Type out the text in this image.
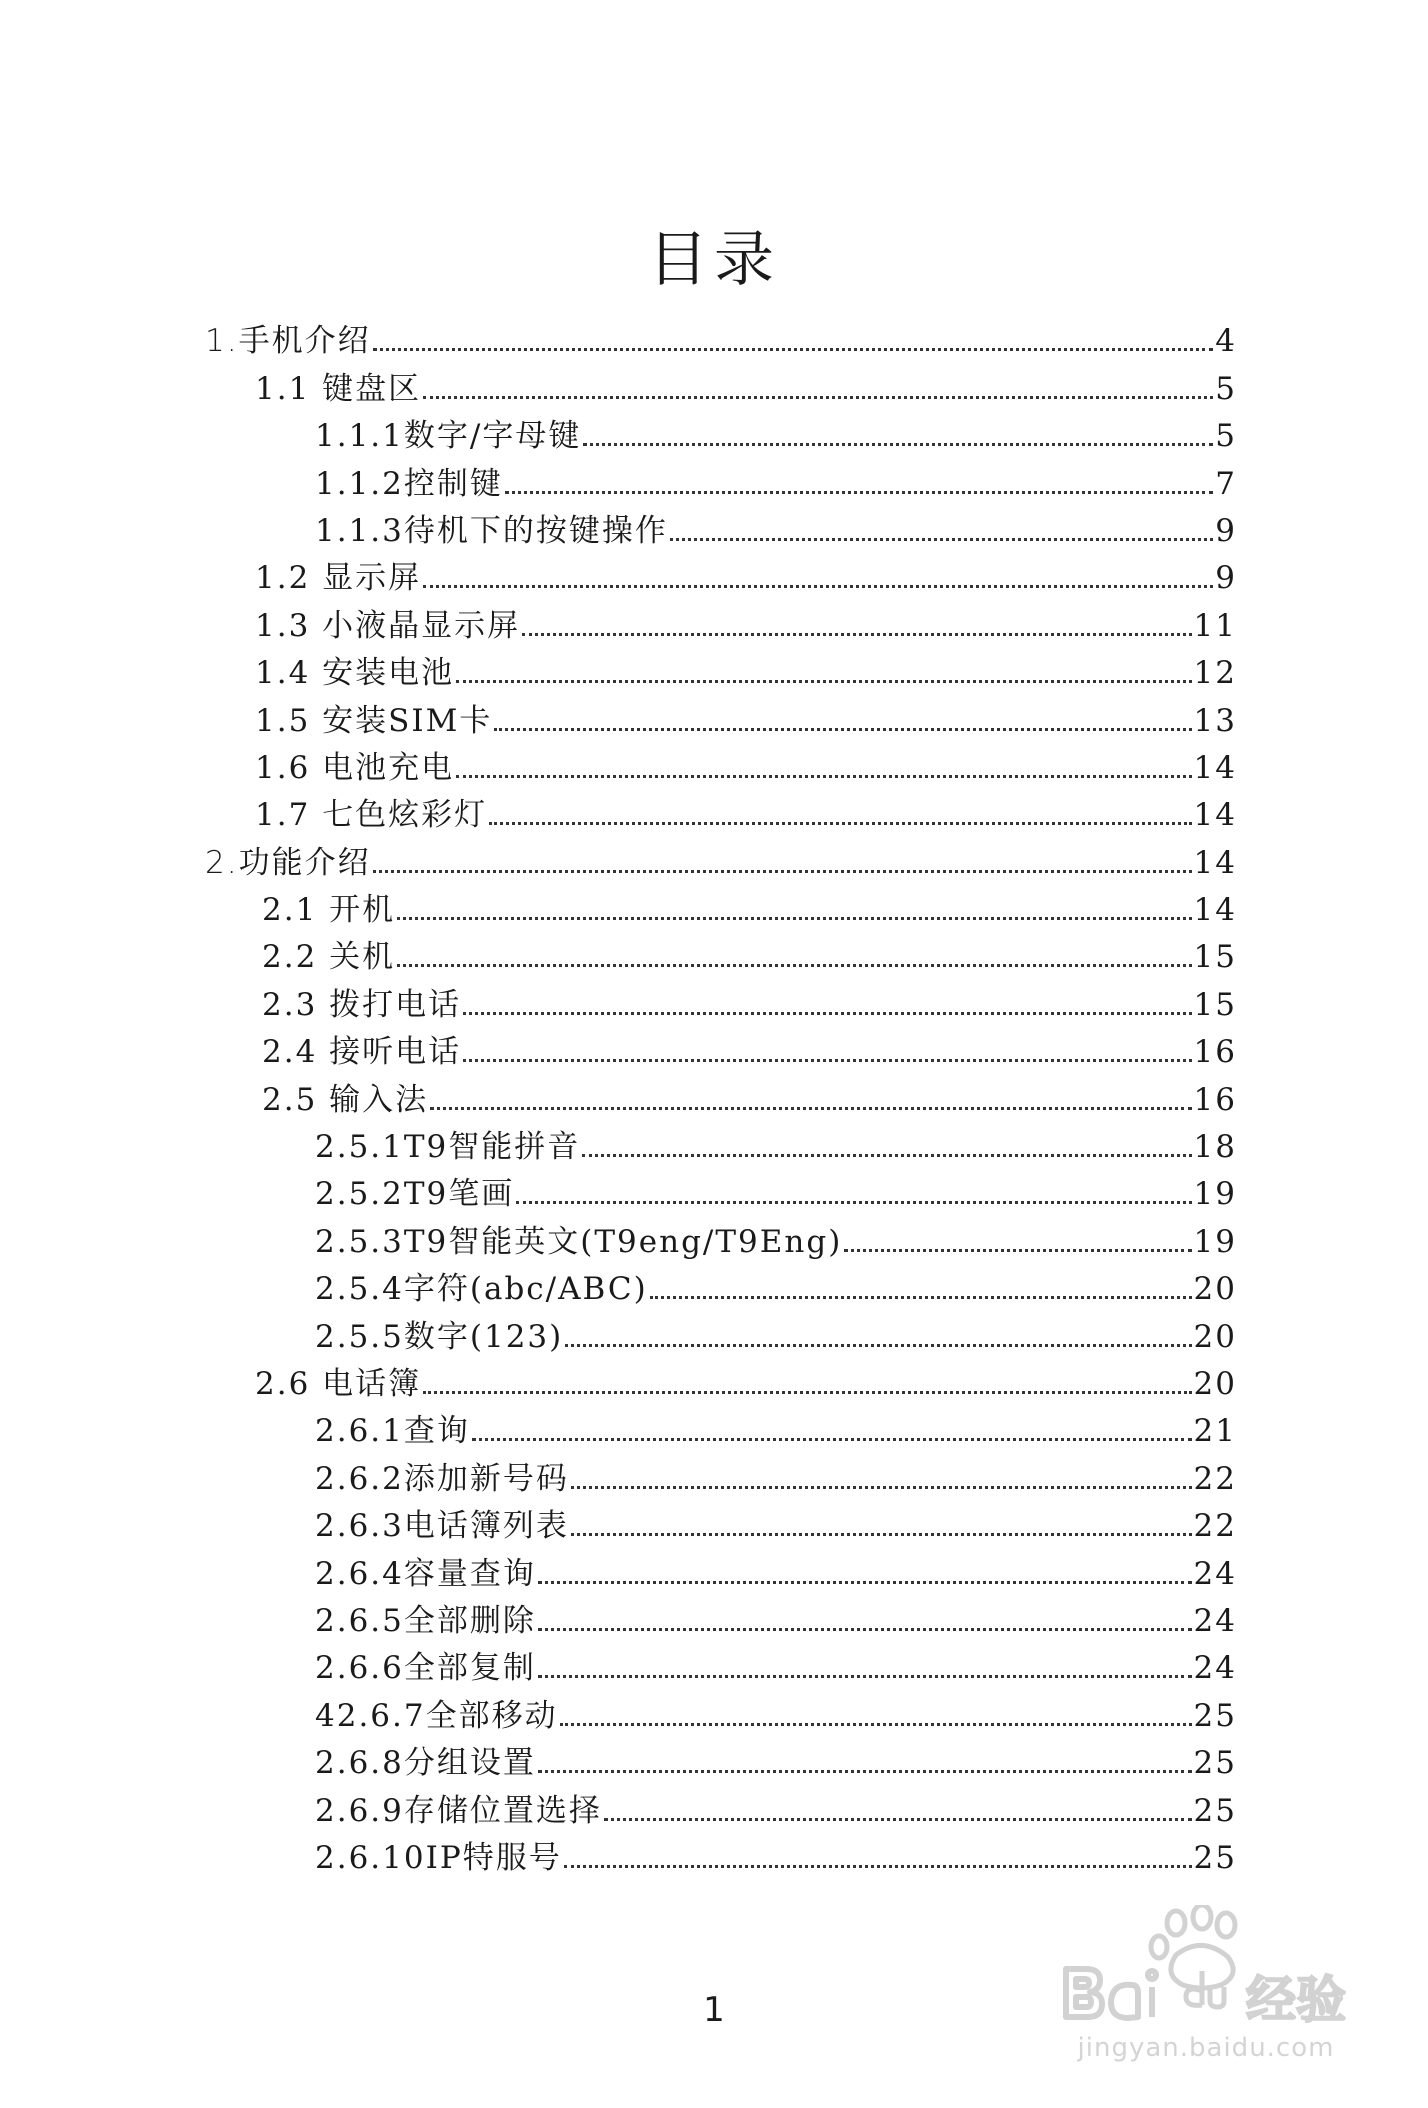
目录
1.手机介绍	4
1.1 键盘区	5
1.1.1数字/字母键	5
1.1.2控制键	7
1.1.3待机下的按键操作	9
1.2 显示屏	9
1.3 小液晶显示屏	11
1.4 安装电池	12
1.5 安装SIM卡	13
1.6 电池充电	14
1.7 七色炫彩灯	14
2.功能介绍	14
2.1 开机	14
2.2 关机	15
2.3 拨打电话	15
2.4 接听电话	16
2.5 输入法	16
2.5.1T9智能拼音	18
2.5.2T9笔画	19
2.5.3T9智能英文(T9eng/T9Eng)	19
2.5.4字符(abc/ABC)	20
2.5.5数字(123)	20
2.6 电话簿	20
2.6.1查询	21
2.6.2添加新号码	22
2.6.3电话簿列表	22
2.6.4容量查询	24
2.6.5全部删除	24
2.6.6全部复制	24
42.6.7全部移动	25
2.6.8分组设置	25
2.6.9存储位置选择	25
2.6.10IP特服号	25
1	经验
jingyan.baidu.com
